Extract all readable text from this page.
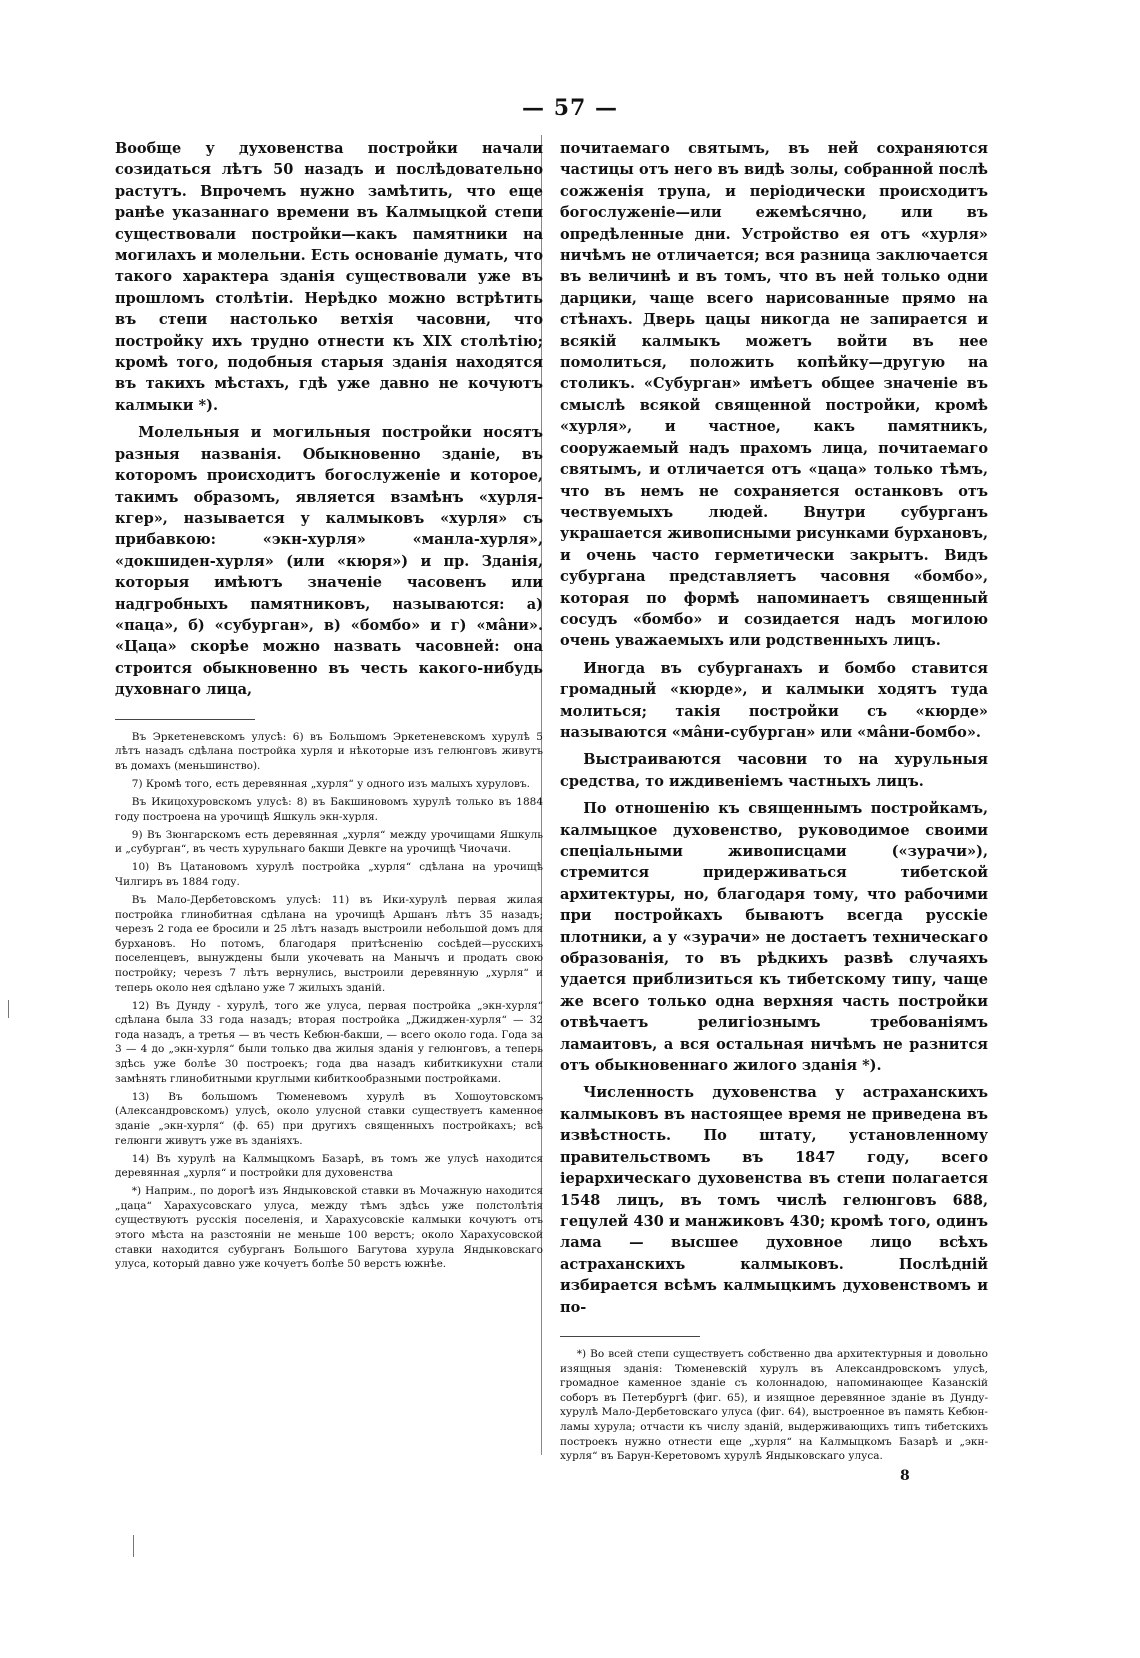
— 57 —

Вообще у духовенства постройки начали созидаться лѣтъ 50 назадъ и послѣдовательно растутъ. Впрочемъ нужно замѣтить, что еще ранѣе указаннаго времени въ Калмыцкой степи существовали постройки—какъ памятники на могилахъ и молельни. Есть основаніе думать, что такого характера зданія существовали уже въ прошломъ столѣтіи. Нерѣдко можно встрѣтить въ степи настолько ветхія часовни, что постройку ихъ трудно отнести къ XIX столѣтію; кромѣ того, подобныя старыя зданія находятся въ такихъ мѣстахъ, гдѣ уже давно не кочуютъ калмыки *).

Молельныя и могильныя постройки носятъ разныя названія. Обыкновенно зданіе, въ которомъ происходитъ богослуженіе и которое, такимъ образомъ, является взамѣнъ «хурля-кгер», называется у калмыковъ «хурля» съ прибавкою: «экн-хурля» «манла-хурля», «докшиден-хурля» (или «кюря») и пр. Зданія, которыя имѣютъ значеніе часовенъ или надгробныхъ памятниковъ, называются: а) «паца», б) «субурган», в) «бомбо» и г) «мâни». «Цаца» скорѣе можно назвать часовней: она строится обыкновенно въ честь какого-нибудь духовнаго лица,

Въ Эркетеневскомъ улусѣ: 6) въ Большомъ Эркетеневскомъ хурулѣ 5 лѣтъ назадъ сдѣлана постройка хурля и нѣкоторые изъ гелюнговъ живутъ въ домахъ (меньшинство).

7) Кромѣ того, есть деревянная „хурля“ у одного изъ малыхъ хуруловъ.

Въ Икицохуровскомъ улусѣ: 8) въ Бакшиновомъ хурулѣ только въ 1884 году построена на урочищѣ Яшкуль экн-хурля.

9) Въ Зюнгарскомъ есть деревянная „хурля“ между урочищами Яшкуль и „субурган“, въ честь хурульнаго бакши Девкге на урочищѣ Чиочачи.

10) Въ Цатановомъ хурулѣ постройка „хурля“ сдѣлана на урочищѣ Чилгиръ въ 1884 году.

Въ Мало-Дербетовскомъ улусѣ: 11) въ Ики-хурулѣ первая жилая постройка глинобитная сдѣлана на урочищѣ Аршанъ лѣтъ 35 назадъ; черезъ 2 года ее бросили и 25 лѣтъ назадъ выстроили небольшой домъ для бурхановъ. Но потомъ, благодаря притѣсненію сосѣдей—русскихъ поселенцевъ, вынуждены были укочевать на Манычъ и продать свою постройку; черезъ 7 лѣтъ вернулись, выстроили деревянную „хурля“ и теперь около нея сдѣлано уже 7 жилыхъ зданій.

12) Въ Дунду - хурулѣ, того же улуса, первая постройка „экн-хурля“ сдѣлана была 33 года назадъ; вторая постройка „Джиджен-хурля“ — 32 года назадъ, а третья — въ честь Кебюн-бакши, — всего около года. Года за 3 — 4 до „экн-хурля“ были только два жилыя зданія у гелюнговъ, а теперь здѣсь уже болѣе 30 построекъ; года два назадъ кибиткикухни стали замѣнять глинобитными круглыми кибиткообразными постройками.

13) Въ большомъ Тюменевомъ хурулѣ въ Хошоутовскомъ (Александровскомъ) улусѣ, около улусной ставки существуетъ каменное зданіе „экн-хурля“ (ф. 65) при другихъ священныхъ постройкахъ; всѣ гелюнги живутъ уже въ зданіяхъ.

14) Въ хурулѣ на Калмыцкомъ Базарѣ, въ томъ же улусѣ находится деревянная „хурля“ и постройки для духовенства

*) Наприм., по дорогѣ изъ Яндыковской ставки въ Мочажную находится „цаца“ Харахусовскаго улуса, между тѣмъ здѣсь уже полстолѣтія существуютъ русскія поселенія, и Харахусовскіе калмыки кочуютъ отъ этого мѣста на разстояніи не меньше 100 верстъ; около Харахусовской ставки находится субурганъ Большого Багутова хурула Яндыковскаго улуса, который давно уже кочуетъ болѣе 50 верстъ южнѣе.

почитаемаго святымъ, въ ней сохраняются частицы отъ него въ видѣ золы, собранной послѣ сожженія трупа, и періодически происходитъ богослуженіе—или ежемѣсячно, или въ опредѣленные дни. Устройство ея отъ «хурля» ничѣмъ не отличается; вся разница заключается въ величинѣ и въ томъ, что въ ней только одни дарцики, чаще всего нарисованные прямо на стѣнахъ. Дверь цацы никогда не запирается и всякій калмыкъ можетъ войти въ нее помолиться, положить копѣйку—другую на столикъ. «Субурган» имѣетъ общее значеніе въ смыслѣ всякой священной постройки, кромѣ «хурля», и частное, какъ памятникъ, сооружаемый надъ прахомъ лица, почитаемаго святымъ, и отличается отъ «цаца» только тѣмъ, что въ немъ не сохраняется останковъ отъ чествуемыхъ людей. Внутри субурганъ украшается живописными рисунками бурхановъ, и очень часто герметически закрытъ. Видъ субургана представляетъ часовня «бомбо», которая по формѣ напоминаетъ священный сосудъ «бомбо» и созидается надъ могилою очень уважаемыхъ или родственныхъ лицъ.

Иногда въ субурганахъ и бомбо ставится громадный «кюрде», и калмыки ходятъ туда молиться; такія постройки съ «кюрде» называются «мâни-субурган» или «мâни-бомбо».

Выстраиваются часовни то на хурульныя средства, то иждивеніемъ частныхъ лицъ.

По отношенію къ священнымъ постройкамъ, калмыцкое духовенство, руководимое своими спеціальными живописцами («зурачи»), стремится придерживаться тибетской архитектуры, но, благодаря тому, что рабочими при постройкахъ бываютъ всегда русскіе плотники, а у «зурачи» не достаетъ техническаго образованія, то въ рѣдкихъ развѣ случаяхъ удается приблизиться къ тибетскому типу, чаще же всего только одна верхняя часть постройки отвѣчаетъ религіознымъ требованіямъ ламаитовъ, а вся остальная ничѣмъ не разнится отъ обыкновеннаго жилого зданія *).

Численность духовенства у астраханскихъ калмыковъ въ настоящее время не приведена въ извѣстность. По штату, установленному правительствомъ въ 1847 году, всего іерархическаго духовенства въ степи полагается 1548 лицъ, въ томъ числѣ гелюнговъ 688, гецулей 430 и манжиковъ 430; кромѣ того, одинъ лама — высшее духовное лицо всѣхъ астраханскихъ калмыковъ. Послѣдній избирается всѣмъ калмыцкимъ духовенствомъ и по-

*) Во всей степи существуетъ собственно два архитектурныя и довольно изящныя зданія: Тюменевскій хурулъ въ Александровскомъ улусѣ, громадное каменное зданіе съ колоннадою, напоминающее Казанскій соборъ въ Петербургѣ (фиг. 65), и изящное деревянное зданіе въ Дунду-хурулѣ Мало-Дербетовскаго улуса (фиг. 64), выстроенное въ память Кебюн-ламы хурула; отчасти къ числу зданій, выдерживающихъ типъ тибетскихъ построекъ нужно отнести еще „хурля“ на Калмыцкомъ Базарѣ и „экн-хурля“ въ Барун-Керетовомъ хурулѣ Яндыковскаго улуса.

8
